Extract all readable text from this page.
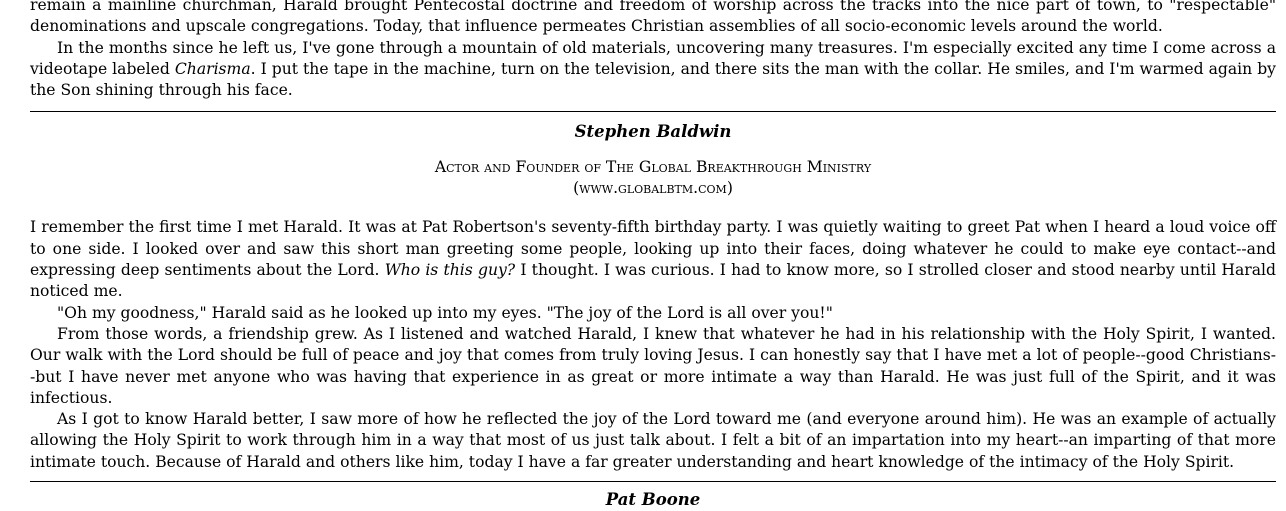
remain a mainline churchman, Harald brought Pentecostal doctrine and freedom of worship across the tracks into the nice part of town, to "respectable" denominations and upscale congregations. Today, that influence permeates Christian assemblies of all socio-economic levels around the world.

In the months since he left us, I've gone through a mountain of old materials, uncovering many treasures. I'm especially excited any time I come across a videotape labeled Charisma. I put the tape in the machine, turn on the television, and there sits the man with the collar. He smiles, and I'm warmed again by the Son shining through his face.

Stephen Baldwin
Actor and Founder of The Global Breakthrough Ministry
(www.globalbtm.com)

I remember the first time I met Harald. It was at Pat Robertson's seventy-fifth birthday party. I was quietly waiting to greet Pat when I heard a loud voice off to one side. I looked over and saw this short man greeting some people, looking up into their faces, doing whatever he could to make eye contact--and expressing deep sentiments about the Lord. Who is this guy? I thought. I was curious. I had to know more, so I strolled closer and stood nearby until Harald noticed me.

"Oh my goodness," Harald said as he looked up into my eyes. "The joy of the Lord is all over you!"

From those words, a friendship grew. As I listened and watched Harald, I knew that whatever he had in his relationship with the Holy Spirit, I wanted. Our walk with the Lord should be full of peace and joy that comes from truly loving Jesus. I can honestly say that I have met a lot of people--good Christians--but I have never met anyone who was having that experience in as great or more intimate a way than Harald. He was just full of the Spirit, and it was infectious.

As I got to know Harald better, I saw more of how he reflected the joy of the Lord toward me (and everyone around him). He was an example of actually allowing the Holy Spirit to work through him in a way that most of us just talk about. I felt a bit of an impartation into my heart--an imparting of that more intimate touch. Because of Harald and others like him, today I have a far greater understanding and heart knowledge of the intimacy of the Holy Spirit.

Pat Boone
